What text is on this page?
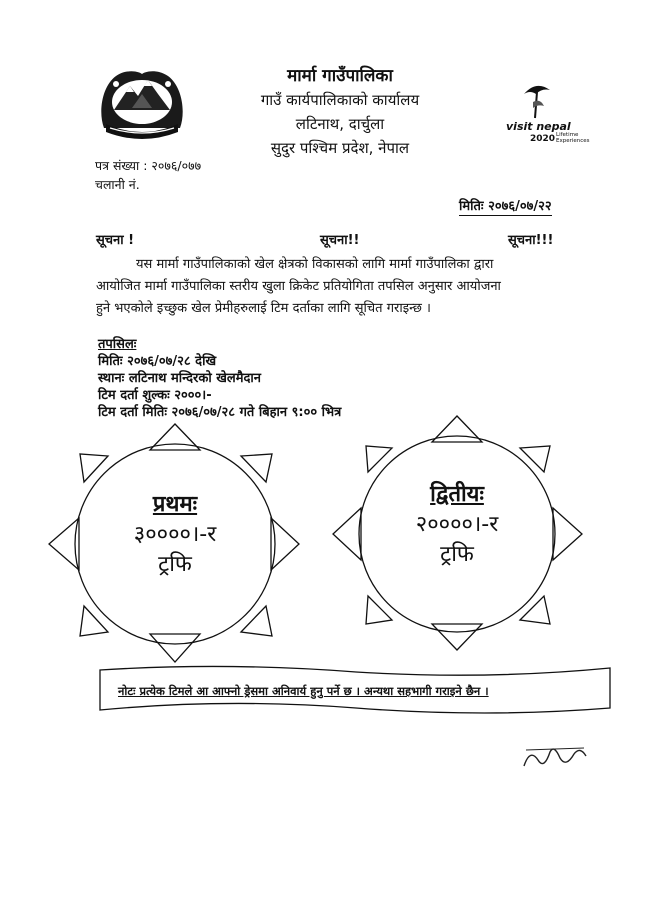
मार्मा गाउँपालिका
गाउँ कार्यपालिकाको कार्यालय
लटिनाथ, दार्चुला
सुदुर पश्चिम प्रदेश, नेपाल
visit nepal
2020 Lifetime Experiences
पत्र संख्या : २०७६/०७७
चलानी नं.
मितिः २०७६/०७/२२
सूचना !	सूचना!!	सूचना!!!
यस मार्मा गाउँपालिकाको खेल क्षेत्रको विकासको लागि मार्मा गाउँपालिका द्वारा
आयोजित मार्मा गाउँपालिका स्तरीय खुला क्रिकेट प्रतियोगिता तपसिल अनुसार आयोजना
हुने भएकोले इच्छुक खेल प्रेमीहरुलाई टिम दर्ताका लागि सूचित गराइन्छ ।
तपसिलः
मितिः २०७६/०७/२८ देखि
स्थानः लटिनाथ मन्दिरको खेलमैदान
टिम दर्ता शुल्कः २०००।-
टिम दर्ता मितिः २०७६/०७/२८ गते बिहान ९:०० भित्र
प्रथमः
३००००।-र
ट्रफि
द्वितीयः
२००००।-र
ट्रफि
नोटः प्रत्येक टिमले आ आफ्नो ड्रेसमा अनिवार्य हुनु पर्ने छ । अन्यथा सहभागी गराइने छैन ।
